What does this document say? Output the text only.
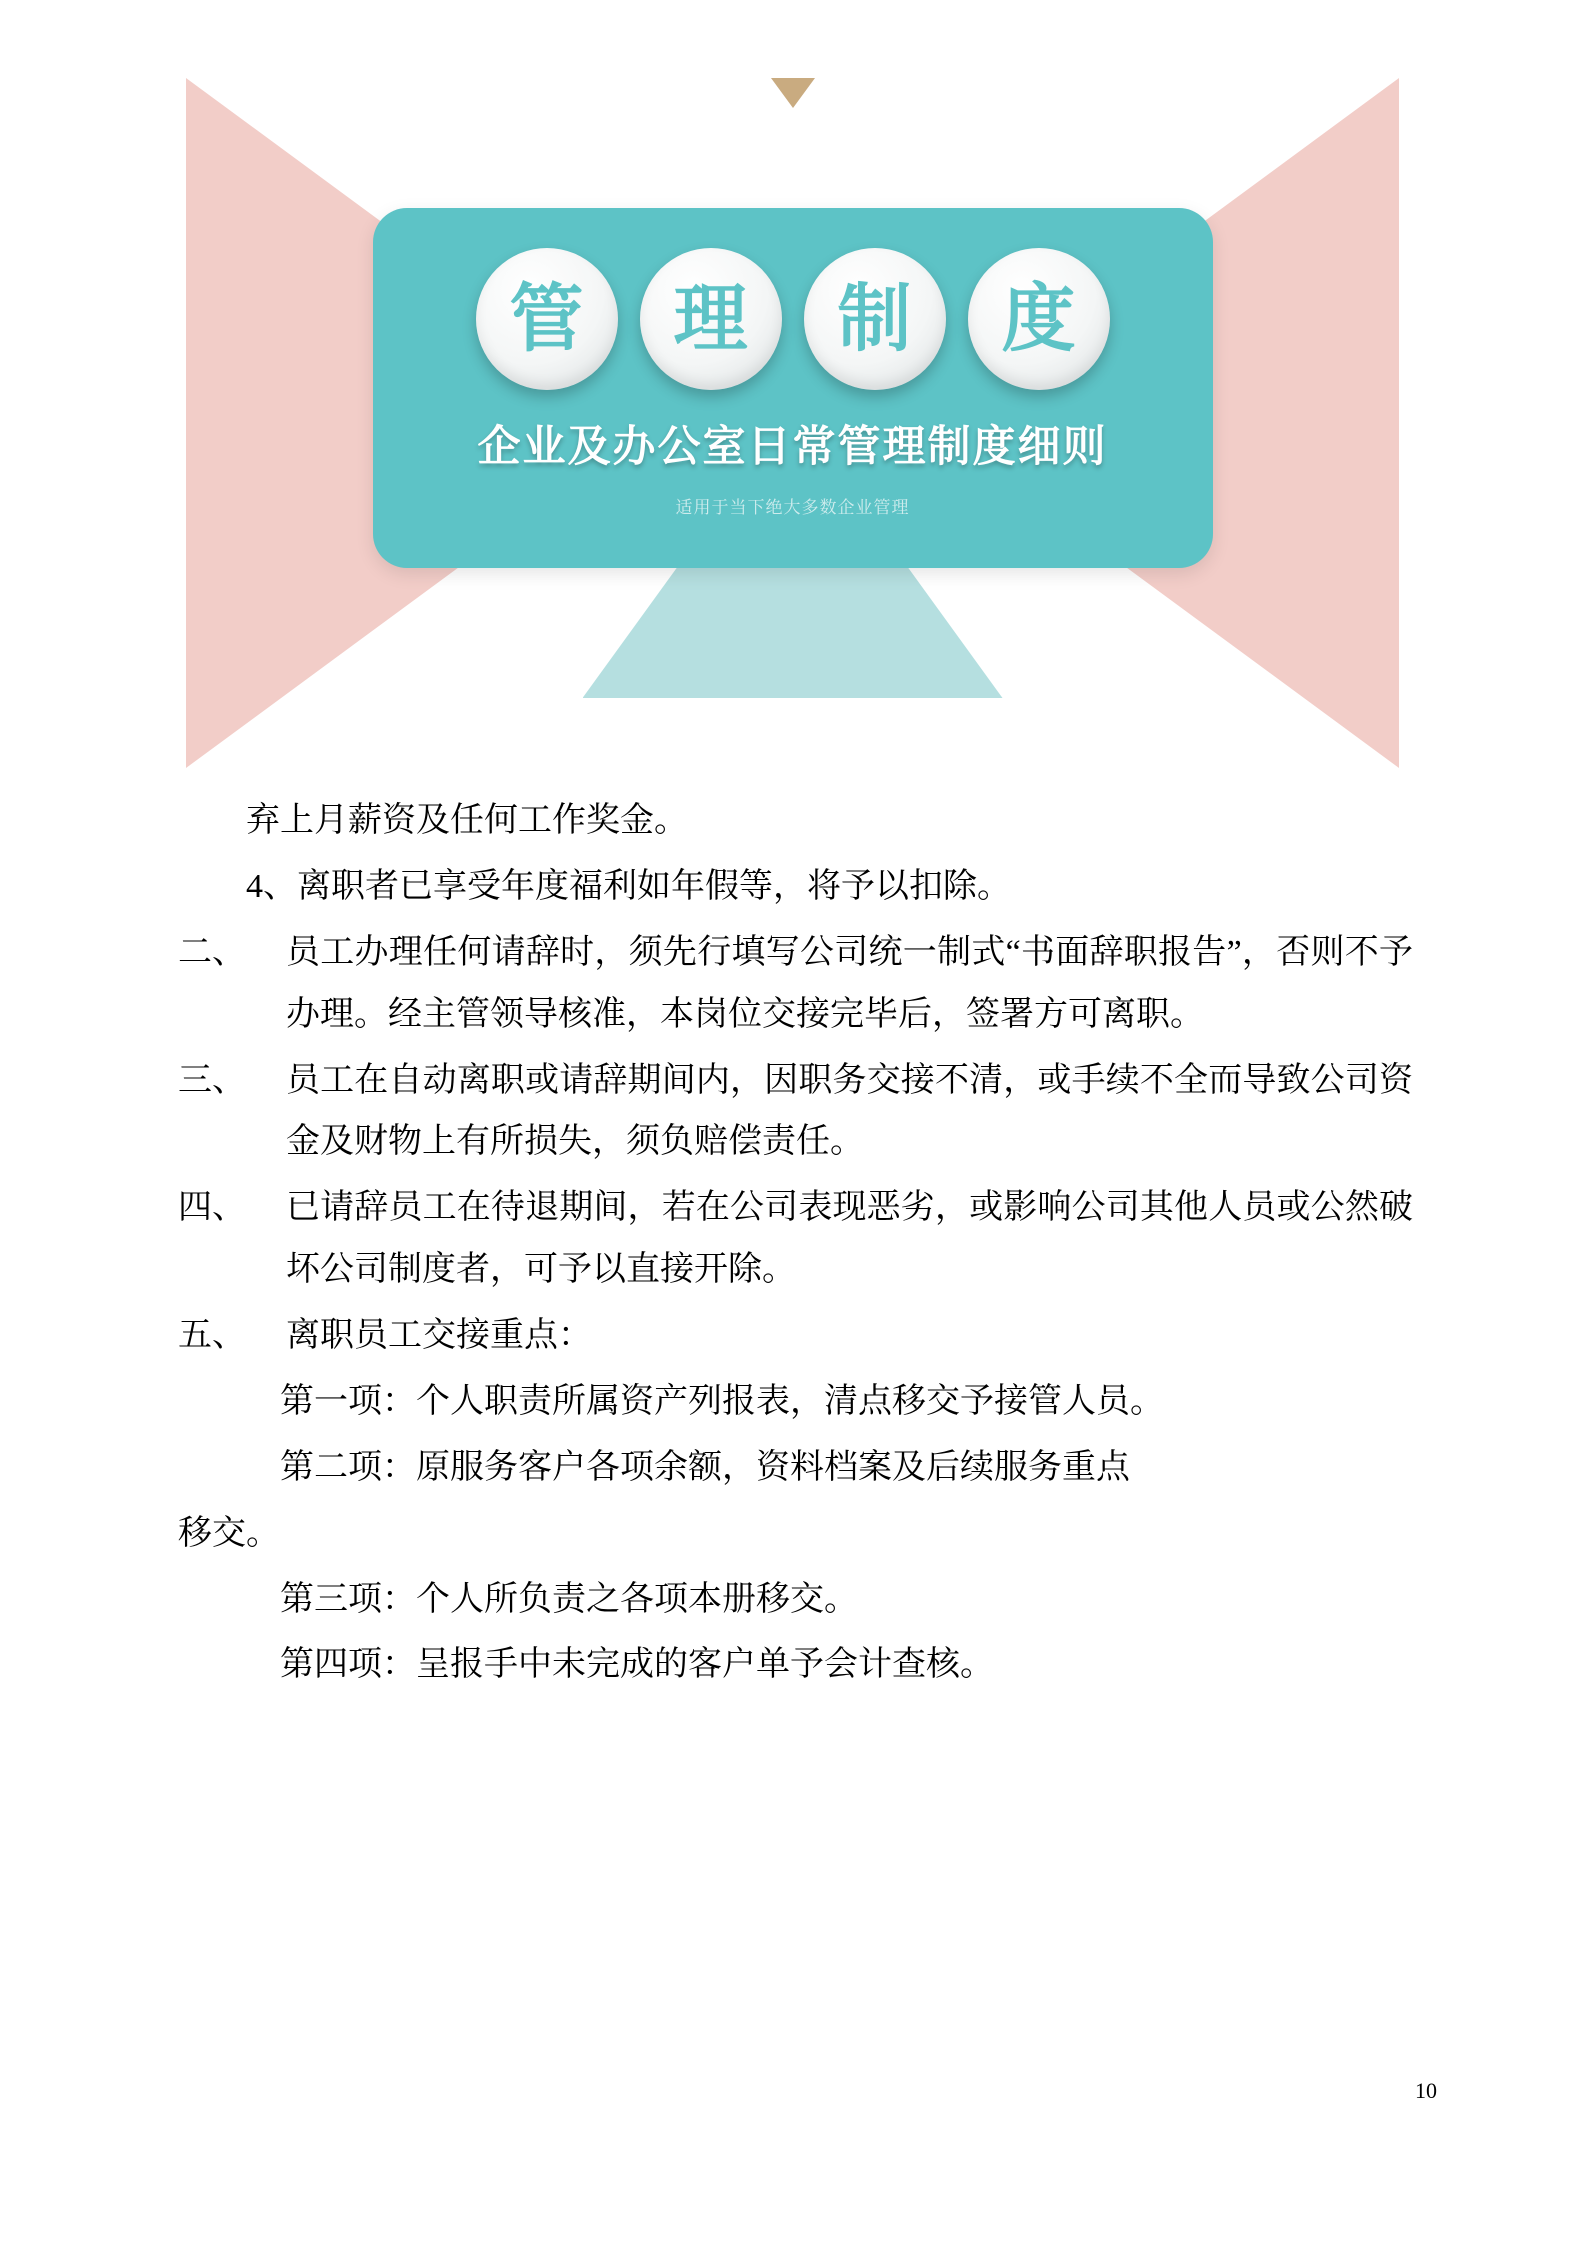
管 理 制 度
企业及办公室日常管理制度细则
适用于当下绝大多数企业管理

弃上月薪资及任何工作奖金。

4、离职者已享受年度福利如年假等，将予以扣除。

二、	员工办理任何请辞时，须先行填写公司统一制式“书面辞职报告”，否则不予办理。经主管领导核准，本岗位交接完毕后，签署方可离职。
三、	员工在自动离职或请辞期间内，因职务交接不清，或手续不全而导致公司资金及财物上有所损失，须负赔偿责任。
四、	已请辞员工在待退期间，若在公司表现恶劣，或影响公司其他人员或公然破坏公司制度者，可予以直接开除。
五、	离职员工交接重点：

第一项：个人职责所属资产列报表，清点移交予接管人员。

第二项：原服务客户各项余额，资料档案及后续服务重点

移交。

第三项：个人所负责之各项本册移交。

第四项：呈报手中未完成的客户单予会计查核。

10
